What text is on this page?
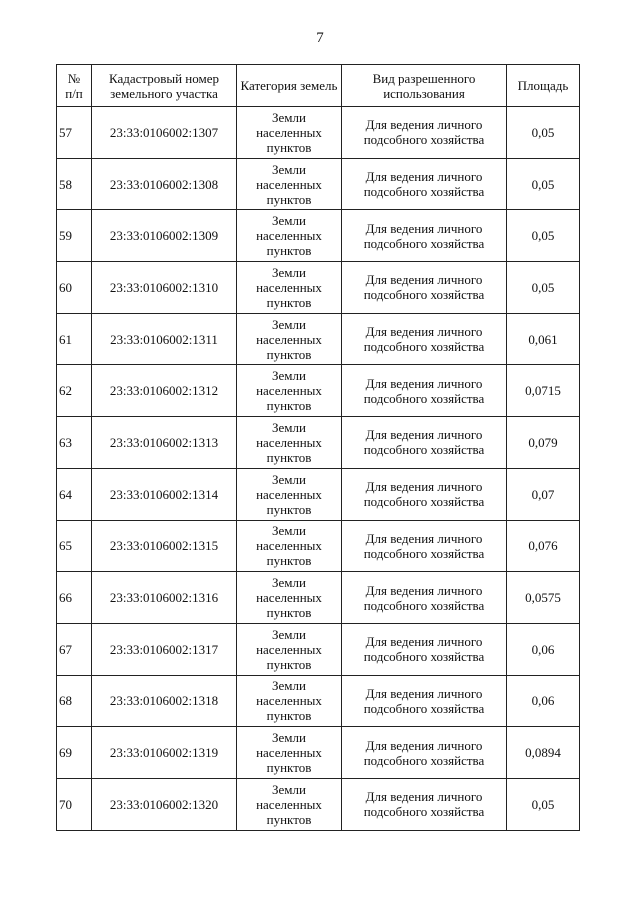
7
№
п/п	Кадастровый номер земельного участка	Категория земель	Вид разрешенного использования	Площадь
57	23:33:0106002:1307	Земли
населенных
пунктов	Для ведения личного подсобного хозяйства	0,05
58	23:33:0106002:1308	Земли
населенных
пунктов	Для ведения личного подсобного хозяйства	0,05
59	23:33:0106002:1309	Земли
населенных
пунктов	Для ведения личного подсобного хозяйства	0,05
60	23:33:0106002:1310	Земли
населенных
пунктов	Для ведения личного подсобного хозяйства	0,05
61	23:33:0106002:1311	Земли
населенных
пунктов	Для ведения личного подсобного хозяйства	0,061
62	23:33:0106002:1312	Земли
населенных
пунктов	Для ведения личного подсобного хозяйства	0,0715
63	23:33:0106002:1313	Земли
населенных
пунктов	Для ведения личного подсобного хозяйства	0,079
64	23:33:0106002:1314	Земли
населенных
пунктов	Для ведения личного подсобного хозяйства	0,07
65	23:33:0106002:1315	Земли
населенных
пунктов	Для ведения личного подсобного хозяйства	0,076
66	23:33:0106002:1316	Земли
населенных
пунктов	Для ведения личного подсобного хозяйства	0,0575
67	23:33:0106002:1317	Земли
населенных
пунктов	Для ведения личного подсобного хозяйства	0,06
68	23:33:0106002:1318	Земли
населенных
пунктов	Для ведения личного подсобного хозяйства	0,06
69	23:33:0106002:1319	Земли
населенных
пунктов	Для ведения личного подсобного хозяйства	0,0894
70	23:33:0106002:1320	Земли
населенных
пунктов	Для ведения личного подсобного хозяйства	0,05
